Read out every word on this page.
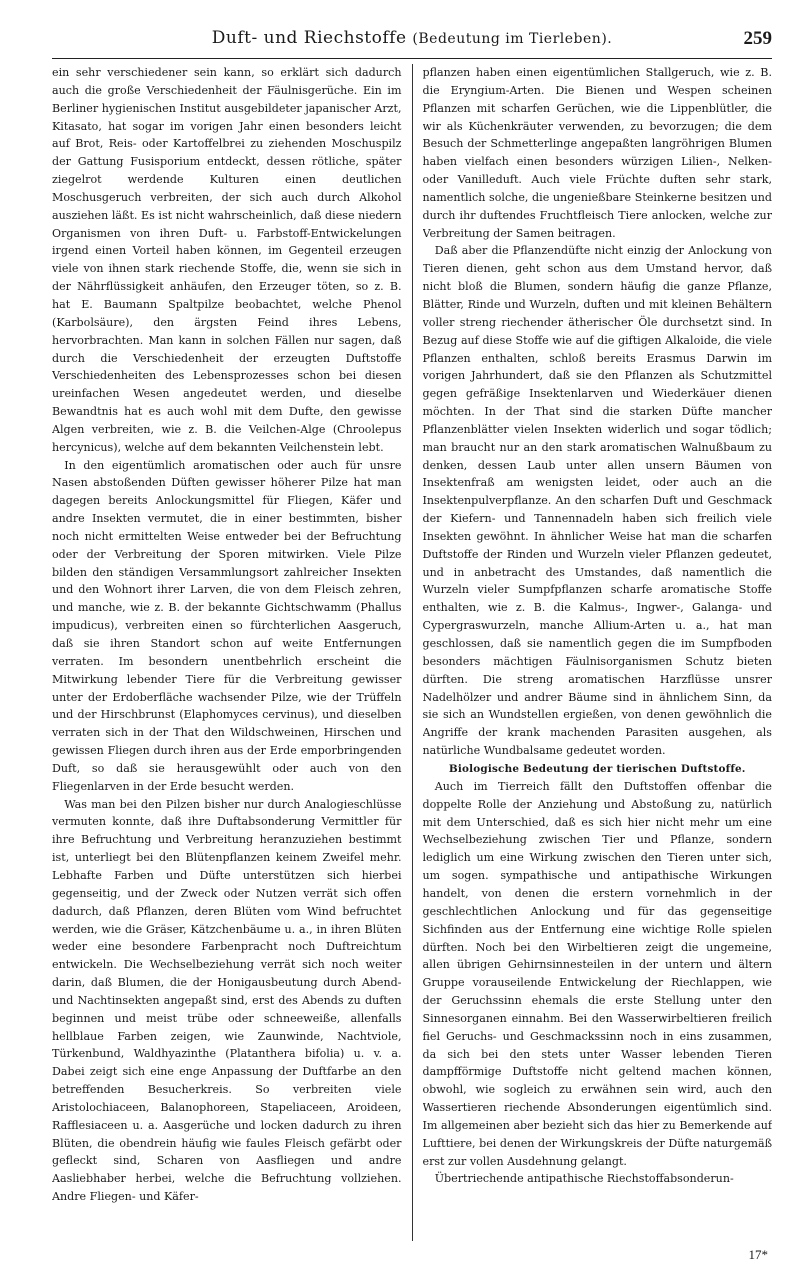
Duft- und Riechstoffe (Bedeutung im Tierleben).	259

ein sehr verschiedener sein kann, so erklärt sich dadurch auch die große Verschiedenheit der Fäulnisgerüche. Ein im Berliner hygienischen Institut ausgebildeter japanischer Arzt, Kitasato, hat sogar im vorigen Jahr einen besonders leicht auf Brot, Reis- oder Kartoffelbrei zu ziehenden Moschuspilz der Gattung Fusisporium entdeckt, dessen rötliche, später ziegelrot werdende Kulturen einen deutlichen Moschusgeruch verbreiten, der sich auch durch Alkohol ausziehen läßt. Es ist nicht wahrscheinlich, daß diese niedern Organismen von ihren Duft- u. Farbstoff-Entwickelungen irgend einen Vorteil haben können, im Gegenteil erzeugen viele von ihnen stark riechende Stoffe, die, wenn sie sich in der Nährflüssigkeit anhäufen, den Erzeuger töten, so z. B. hat E. Baumann Spaltpilze beobachtet, welche Phenol (Karbolsäure), den ärgsten Feind ihres Lebens, hervorbrachten. Man kann in solchen Fällen nur sagen, daß durch die Verschiedenheit der erzeugten Duftstoffe Verschiedenheiten des Lebensprozesses schon bei diesen ureinfachen Wesen angedeutet werden, und dieselbe Bewandtnis hat es auch wohl mit dem Dufte, den gewisse Algen verbreiten, wie z. B. die Veilchen-Alge (Chroolepus hercynicus), welche auf dem bekannten Veilchenstein lebt.

In den eigentümlich aromatischen oder auch für unsre Nasen abstoßenden Düften gewisser höherer Pilze hat man dagegen bereits Anlockungsmittel für Fliegen, Käfer und andre Insekten vermutet, die in einer bestimmten, bisher noch nicht ermittelten Weise entweder bei der Befruchtung oder der Verbreitung der Sporen mitwirken. Viele Pilze bilden den ständigen Versammlungsort zahlreicher Insekten und den Wohnort ihrer Larven, die von dem Fleisch zehren, und manche, wie z. B. der bekannte Gichtschwamm (Phallus impudicus), verbreiten einen so fürchterlichen Aasgeruch, daß sie ihren Standort schon auf weite Entfernungen verraten. Im besondern unentbehrlich erscheint die Mitwirkung lebender Tiere für die Verbreitung gewisser unter der Erdoberfläche wachsender Pilze, wie der Trüffeln und der Hirschbrunst (Elaphomyces cervinus), und dieselben verraten sich in der That den Wildschweinen, Hirschen und gewissen Fliegen durch ihren aus der Erde emporbringenden Duft, so daß sie herausgewühlt oder auch von den Fliegenlarven in der Erde besucht werden.

Was man bei den Pilzen bisher nur durch Analogieschlüsse vermuten konnte, daß ihre Duftabsonderung Vermittler für ihre Befruchtung und Verbreitung heranzuziehen bestimmt ist, unterliegt bei den Blütenpflanzen keinem Zweifel mehr. Lebhafte Farben und Düfte unterstützen sich hierbei gegenseitig, und der Zweck oder Nutzen verrät sich offen dadurch, daß Pflanzen, deren Blüten vom Wind befruchtet werden, wie die Gräser, Kätzchenbäume u. a., in ihren Blüten weder eine besondere Farbenpracht noch Duftreichtum entwickeln. Die Wechselbeziehung verrät sich noch weiter darin, daß Blumen, die der Honigausbeutung durch Abend- und Nachtinsekten angepaßt sind, erst des Abends zu duften beginnen und meist trübe oder schneeweiße, allenfalls hellblaue Farben zeigen, wie Zaunwinde, Nachtviole, Türkenbund, Waldhyazinthe (Platanthera bifolia) u. v. a. Dabei zeigt sich eine enge Anpassung der Duftfarbe an den betreffenden Besucherkreis. So verbreiten viele Aristolochiaceen, Balanophoreen, Stapeliaceen, Aroideen, Rafflesiaceen u. a. Aasgerüche und locken dadurch zu ihren Blüten, die obendrein häufig wie faules Fleisch gefärbt oder gefleckt sind, Scharen von Aasfliegen und andre Aasliebhaber herbei, welche die Befruchtung vollziehen. Andre Fliegen- und Käfer-

pflanzen haben einen eigentümlichen Stallgeruch, wie z. B. die Eryngium-Arten. Die Bienen und Wespen scheinen Pflanzen mit scharfen Gerüchen, wie die Lippenblütler, die wir als Küchenkräuter verwenden, zu bevorzugen; die dem Besuch der Schmetterlinge angepaßten langröhrigen Blumen haben vielfach einen besonders würzigen Lilien-, Nelken- oder Vanilleduft. Auch viele Früchte duften sehr stark, namentlich solche, die ungenießbare Steinkerne besitzen und durch ihr duftendes Fruchtfleisch Tiere anlocken, welche zur Verbreitung der Samen beitragen.

Daß aber die Pflanzendüfte nicht einzig der Anlockung von Tieren dienen, geht schon aus dem Umstand hervor, daß nicht bloß die Blumen, sondern häufig die ganze Pflanze, Blätter, Rinde und Wurzeln, duften und mit kleinen Behältern voller streng riechender ätherischer Öle durchsetzt sind. In Bezug auf diese Stoffe wie auf die giftigen Alkaloide, die viele Pflanzen enthalten, schloß bereits Erasmus Darwin im vorigen Jahrhundert, daß sie den Pflanzen als Schutzmittel gegen gefräßige Insektenlarven und Wiederkäuer dienen möchten. In der That sind die starken Düfte mancher Pflanzenblätter vielen Insekten widerlich und sogar tödlich; man braucht nur an den stark aromatischen Walnußbaum zu denken, dessen Laub unter allen unsern Bäumen von Insektenfraß am wenigsten leidet, oder auch an die Insektenpulverpflanze. An den scharfen Duft und Geschmack der Kiefern- und Tannennadeln haben sich freilich viele Insekten gewöhnt. In ähnlicher Weise hat man die scharfen Duftstoffe der Rinden und Wurzeln vieler Pflanzen gedeutet, und in anbetracht des Umstandes, daß namentlich die Wurzeln vieler Sumpfpflanzen scharfe aromatische Stoffe enthalten, wie z. B. die Kalmus-, Ingwer-, Galanga- und Cypergraswurzeln, manche Allium-Arten u. a., hat man geschlossen, daß sie namentlich gegen die im Sumpfboden besonders mächtigen Fäulnisorganismen Schutz bieten dürften. Die streng aromatischen Harzflüsse unsrer Nadelhölzer und andrer Bäume sind in ähnlichem Sinn, da sie sich an Wundstellen ergießen, von denen gewöhnlich die Angriffe der krank machenden Parasiten ausgehen, als natürliche Wundbalsame gedeutet worden.

Biologische Bedeutung der tierischen Duftstoffe.

Auch im Tierreich fällt den Duftstoffen offenbar die doppelte Rolle der Anziehung und Abstoßung zu, natürlich mit dem Unterschied, daß es sich hier nicht mehr um eine Wechselbeziehung zwischen Tier und Pflanze, sondern lediglich um eine Wirkung zwischen den Tieren unter sich, um sogen. sympathische und antipathische Wirkungen handelt, von denen die erstern vornehmlich in der geschlechtlichen Anlockung und für das gegenseitige Sichfinden aus der Entfernung eine wichtige Rolle spielen dürften. Noch bei den Wirbeltieren zeigt die ungemeine, allen übrigen Gehirnsinnesteilen in der untern und ältern Gruppe vorauseilende Entwickelung der Riechlappen, wie der Geruchssinn ehemals die erste Stellung unter den Sinnesorganen einnahm. Bei den Wasserwirbeltieren freilich fiel Geruchs- und Geschmackssinn noch in eins zusammen, da sich bei den stets unter Wasser lebenden Tieren dampfförmige Duftstoffe nicht geltend machen können, obwohl, wie sogleich zu erwähnen sein wird, auch den Wassertieren riechende Absonderungen eigentümlich sind. Im allgemeinen aber bezieht sich das hier zu Bemerkende auf Lufttiere, bei denen der Wirkungskreis der Düfte naturgemäß erst zur vollen Ausdehnung gelangt.

Übertriechende antipathische Riechstoffabsonderun-

17*
